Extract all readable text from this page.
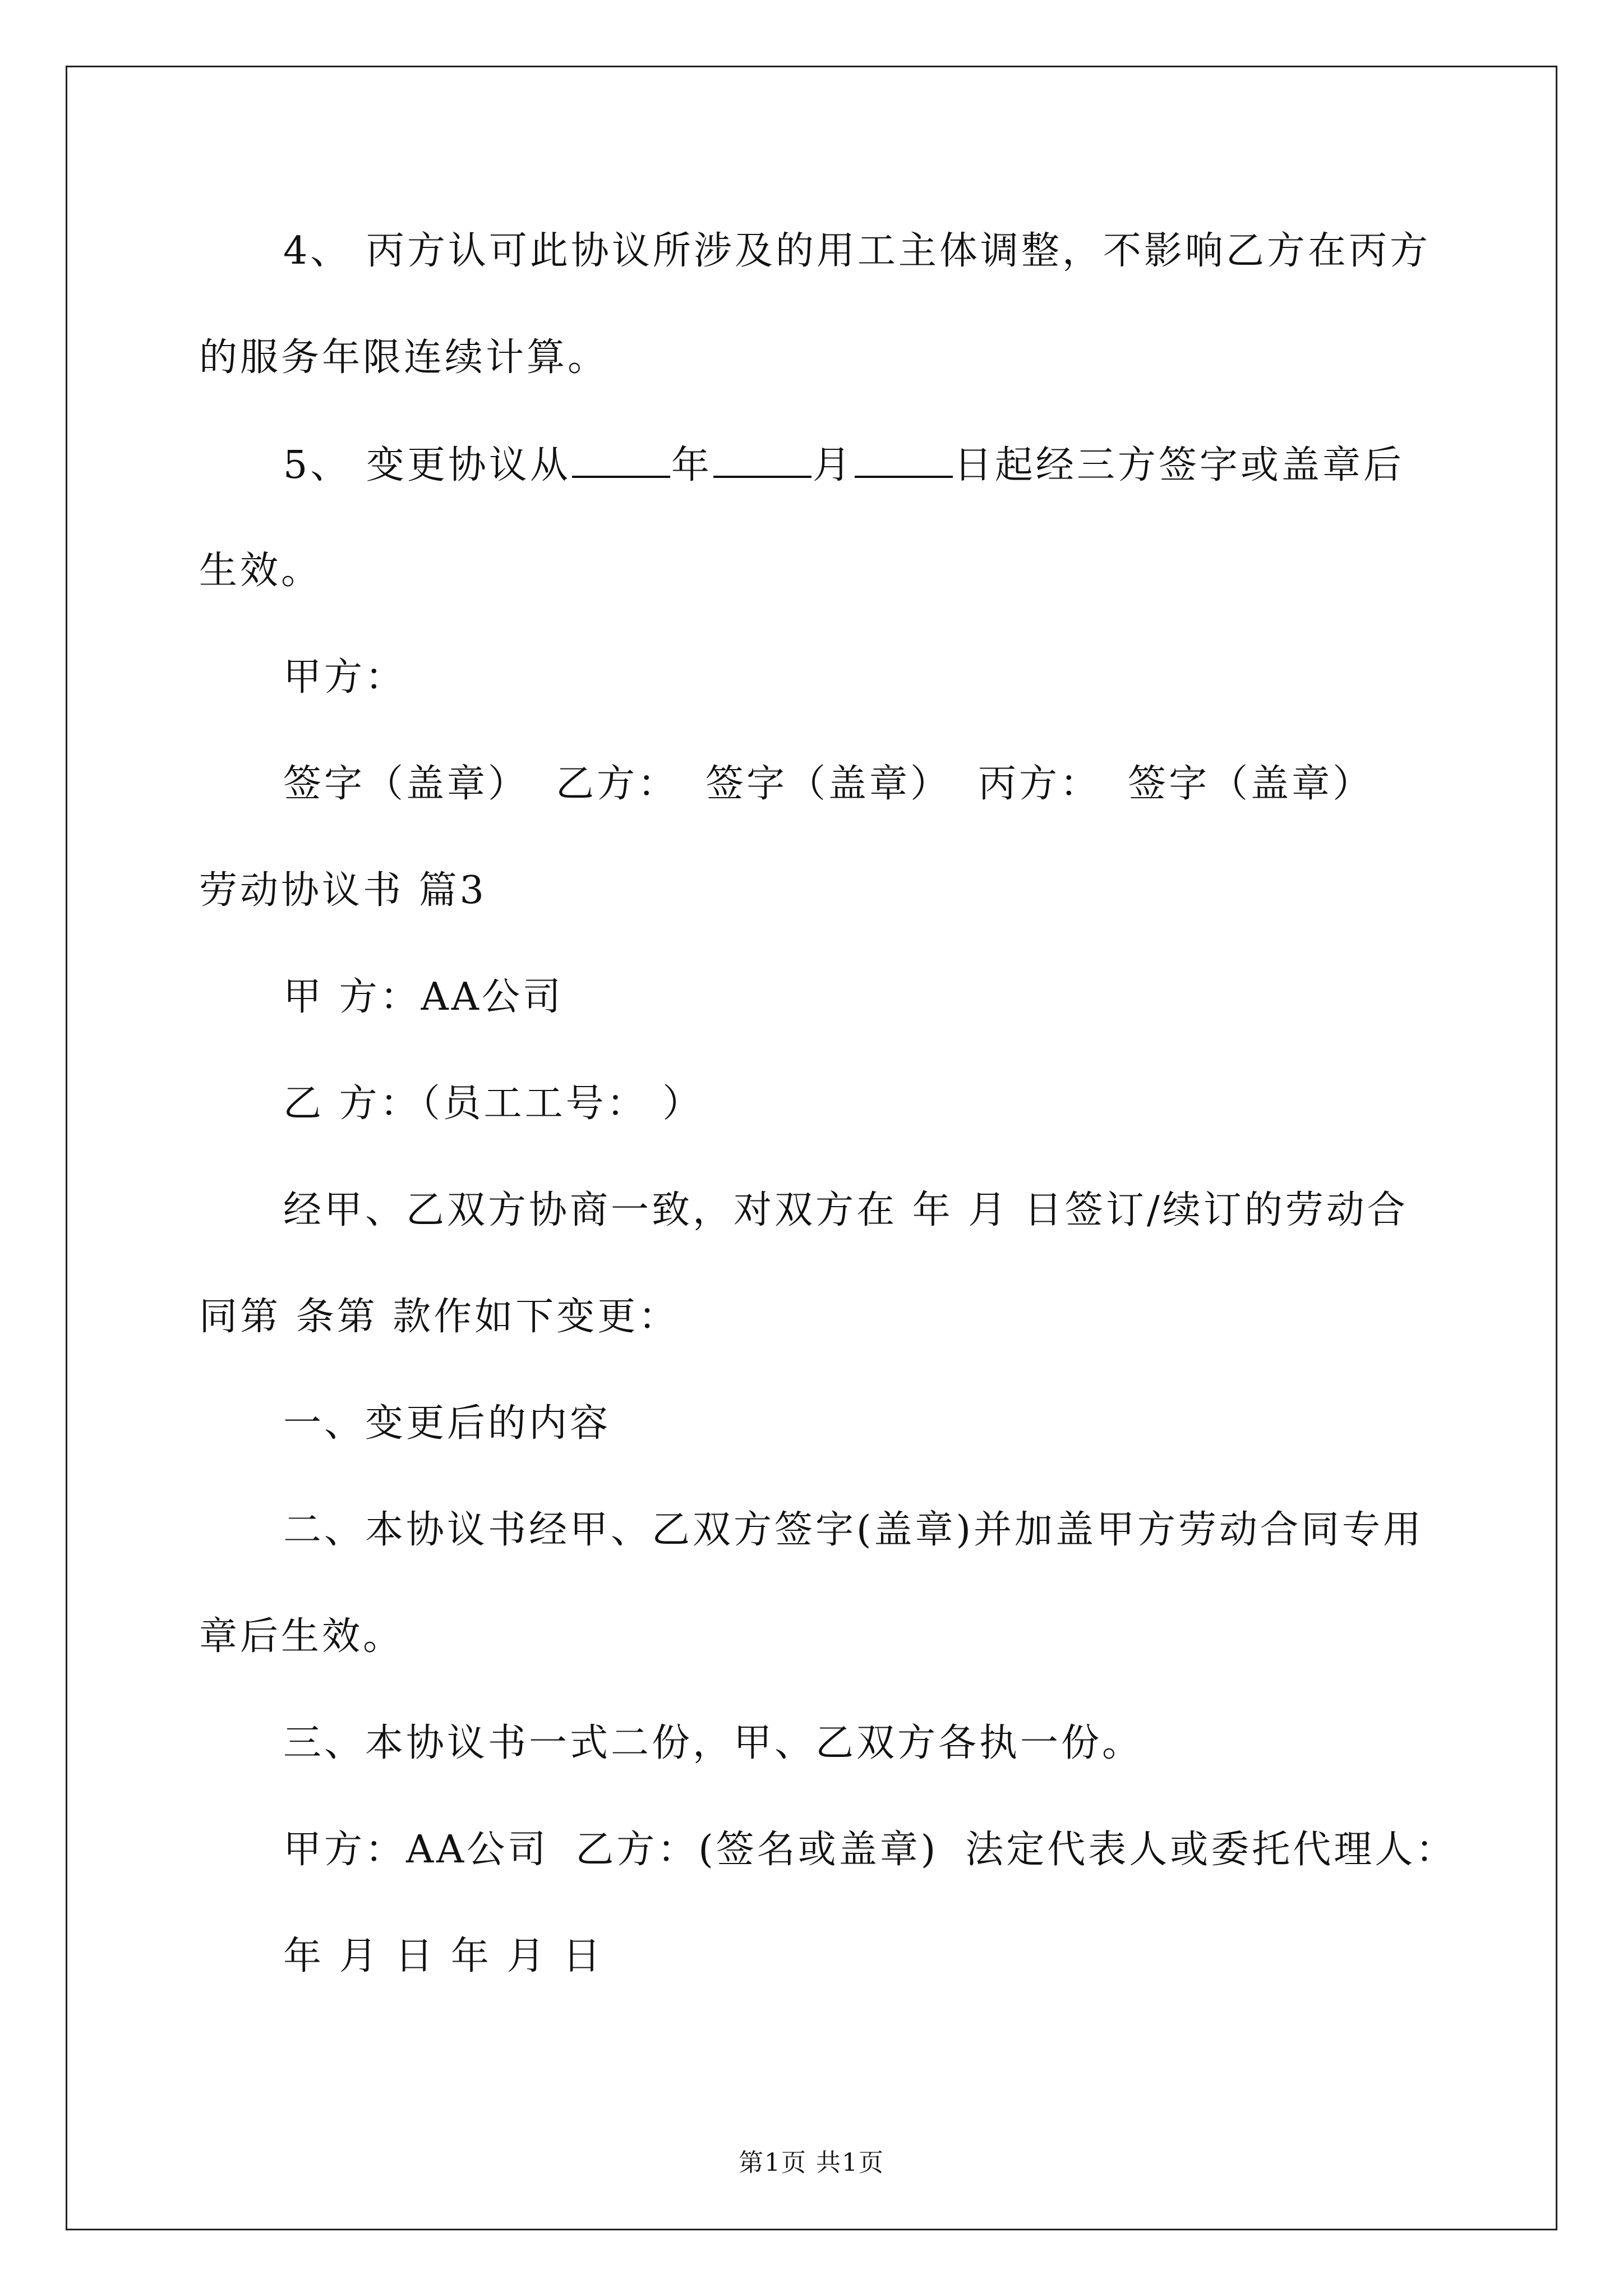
4、 丙方认可此协议所涉及的用工主体调整，不影响乙方在丙方
的服务年限连续计算。
5、 变更协议从	年	月	日起经三方签字或盖章后
生效。
甲方：
签字（盖章） 乙方： 签字（盖章） 丙方： 签字（盖章）
劳动协议书 篇3
甲 方：AA公司
乙 方：（员工工号： ）
经甲、乙双方协商一致，对双方在 年 月 日签订/续订的劳动合
同第 条第 款作如下变更：
一、变更后的内容
二、本协议书经甲、乙双方签字(盖章)并加盖甲方劳动合同专用
章后生效。
三、本协议书一式二份，甲、乙双方各执一份。
甲方：AA公司 乙方：(签名或盖章) 法定代表人或委托代理人：
年 月 日 年 月 日
第1页 共1页
